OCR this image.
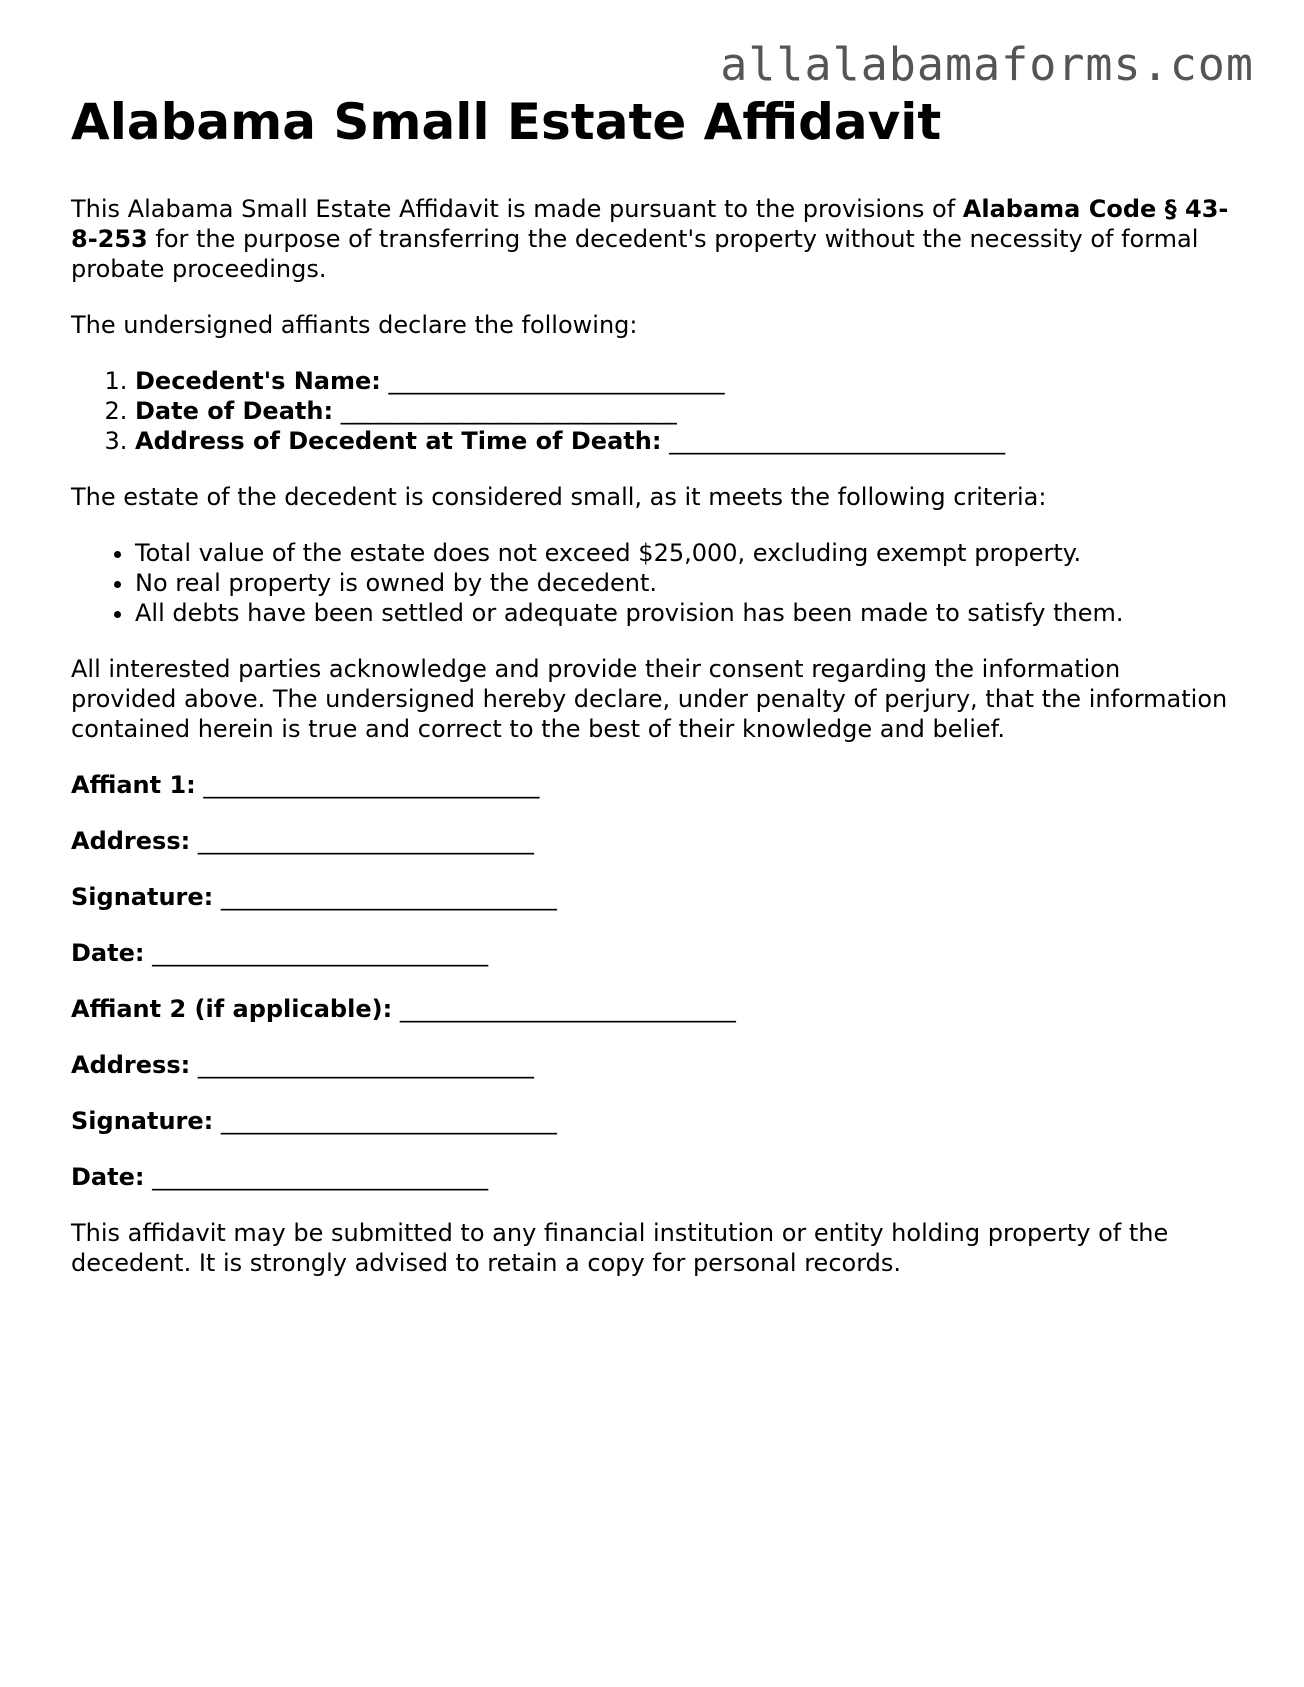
allalabamaforms.com
Alabama Small Estate Affidavit

This Alabama Small Estate Affidavit is made pursuant to the provisions of Alabama Code § 43-8-253 for the purpose of transferring the decedent's property without the necessity of formal probate proceedings.

The undersigned affiants declare the following:

1. Decedent's Name: ____________________________
2. Date of Death: ____________________________
3. Address of Decedent at Time of Death: ____________________________

The estate of the decedent is considered small, as it meets the following criteria:

• Total value of the estate does not exceed $25,000, excluding exempt property.
• No real property is owned by the decedent.
• All debts have been settled or adequate provision has been made to satisfy them.

All interested parties acknowledge and provide their consent regarding the information provided above. The undersigned hereby declare, under penalty of perjury, that the information contained herein is true and correct to the best of their knowledge and belief.

Affiant 1: ____________________________

Address: ____________________________

Signature: ____________________________

Date: ____________________________

Affiant 2 (if applicable): ____________________________

Address: ____________________________

Signature: ____________________________

Date: ____________________________

This affidavit may be submitted to any financial institution or entity holding property of the decedent. It is strongly advised to retain a copy for personal records.
